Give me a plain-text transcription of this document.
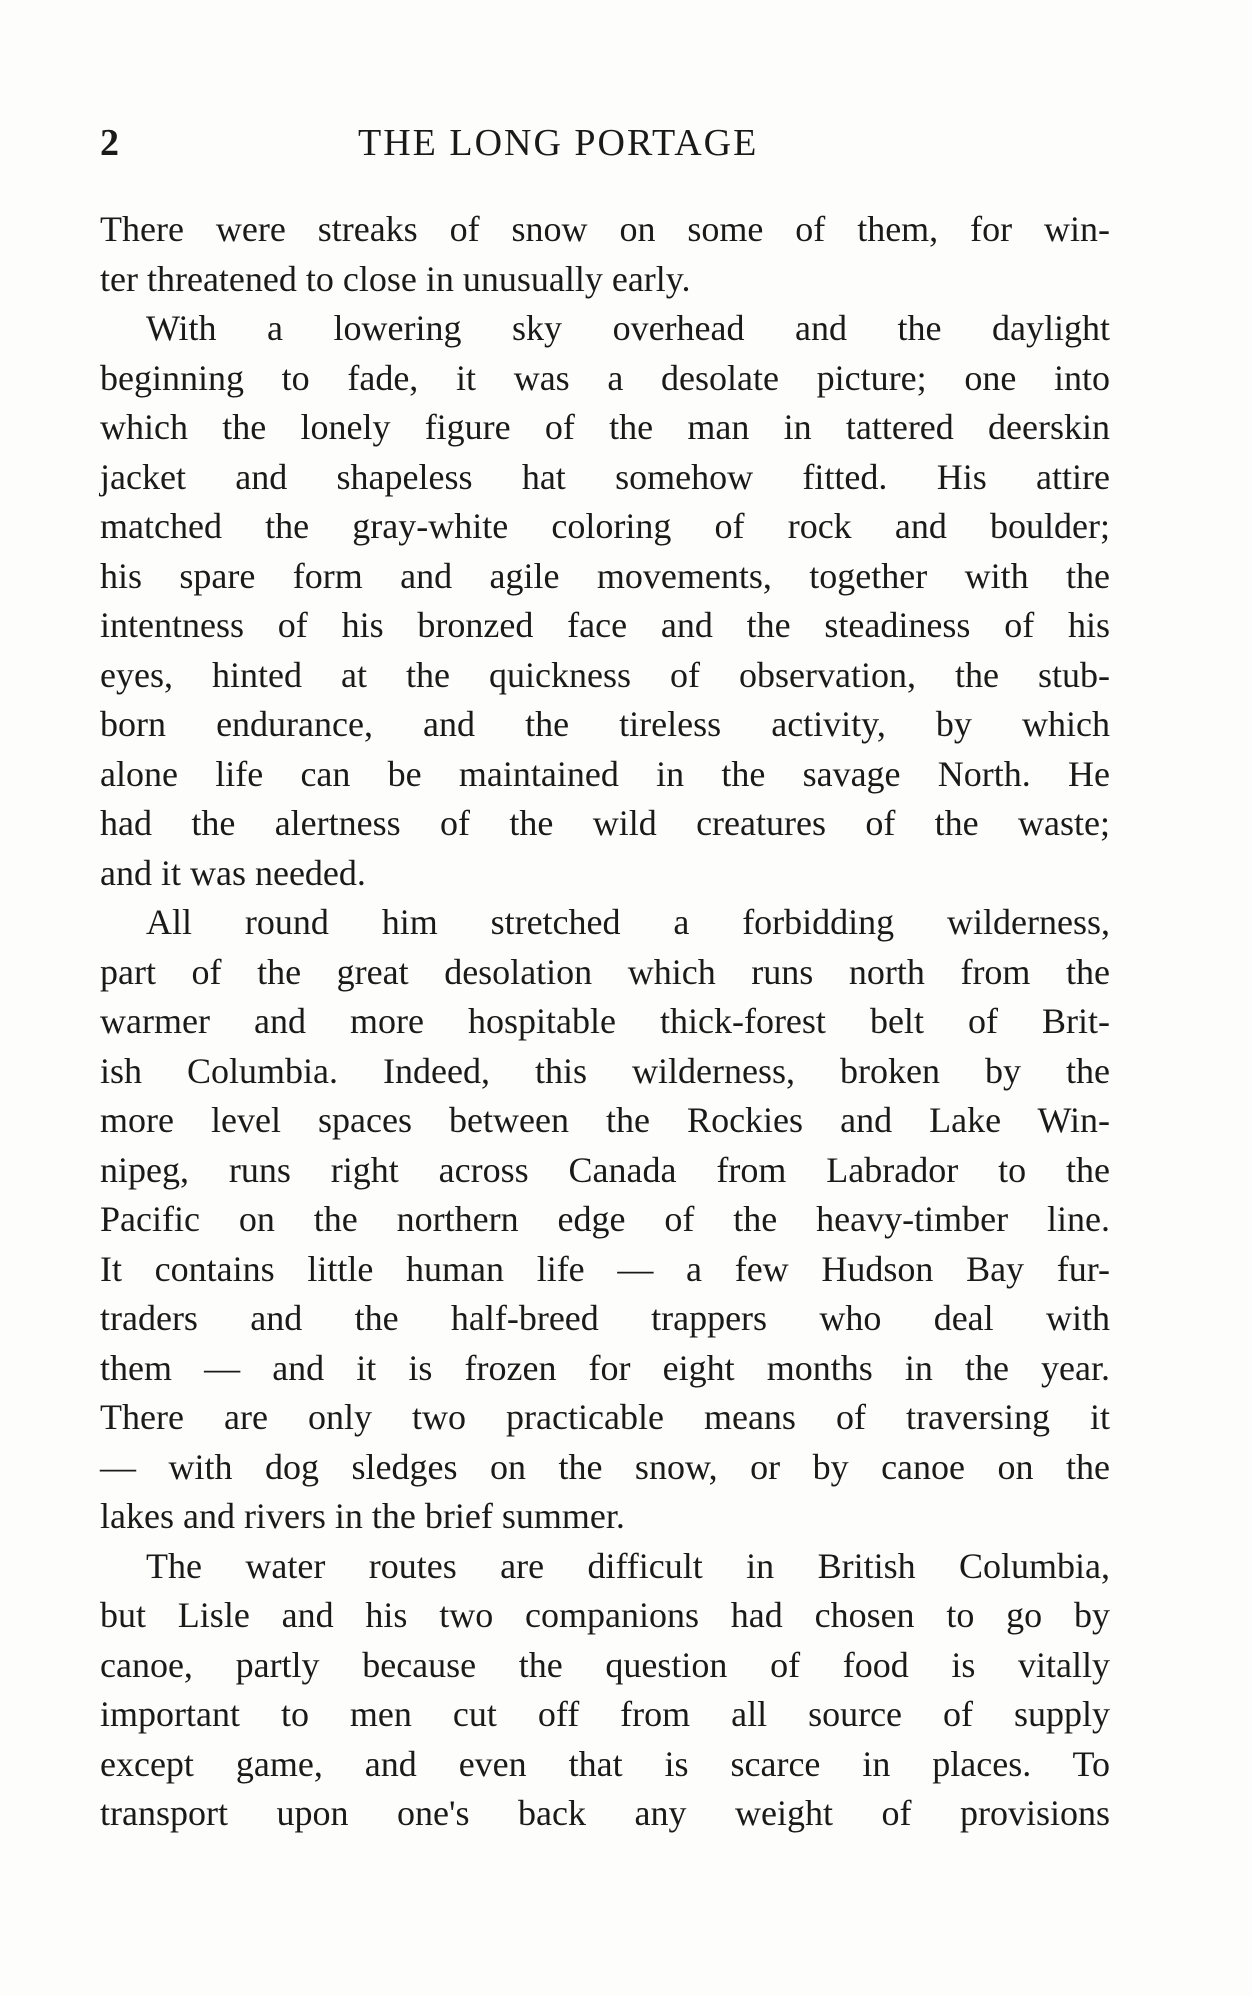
2	THE LONG PORTAGE
There were streaks of snow on some of them, for win-
ter threatened to close in unusually early.
With a lowering sky overhead and the daylight
beginning to fade, it was a desolate picture; one into
which the lonely figure of the man in tattered deerskin
jacket and shapeless hat somehow fitted. His attire
matched the gray-white coloring of rock and boulder;
his spare form and agile movements, together with the
intentness of his bronzed face and the steadiness of his
eyes, hinted at the quickness of observation, the stub-
born endurance, and the tireless activity, by which
alone life can be maintained in the savage North. He
had the alertness of the wild creatures of the waste;
and it was needed.
All round him stretched a forbidding wilderness,
part of the great desolation which runs north from the
warmer and more hospitable thick-forest belt of Brit-
ish Columbia. Indeed, this wilderness, broken by the
more level spaces between the Rockies and Lake Win-
nipeg, runs right across Canada from Labrador to the
Pacific on the northern edge of the heavy-timber line.
It contains little human life — a few Hudson Bay fur-
traders and the half-breed trappers who deal with
them — and it is frozen for eight months in the year.
There are only two practicable means of traversing it
— with dog sledges on the snow, or by canoe on the
lakes and rivers in the brief summer.
The water routes are difficult in British Columbia,
but Lisle and his two companions had chosen to go by
canoe, partly because the question of food is vitally
important to men cut off from all source of supply
except game, and even that is scarce in places. To
transport upon one's back any weight of provisions
